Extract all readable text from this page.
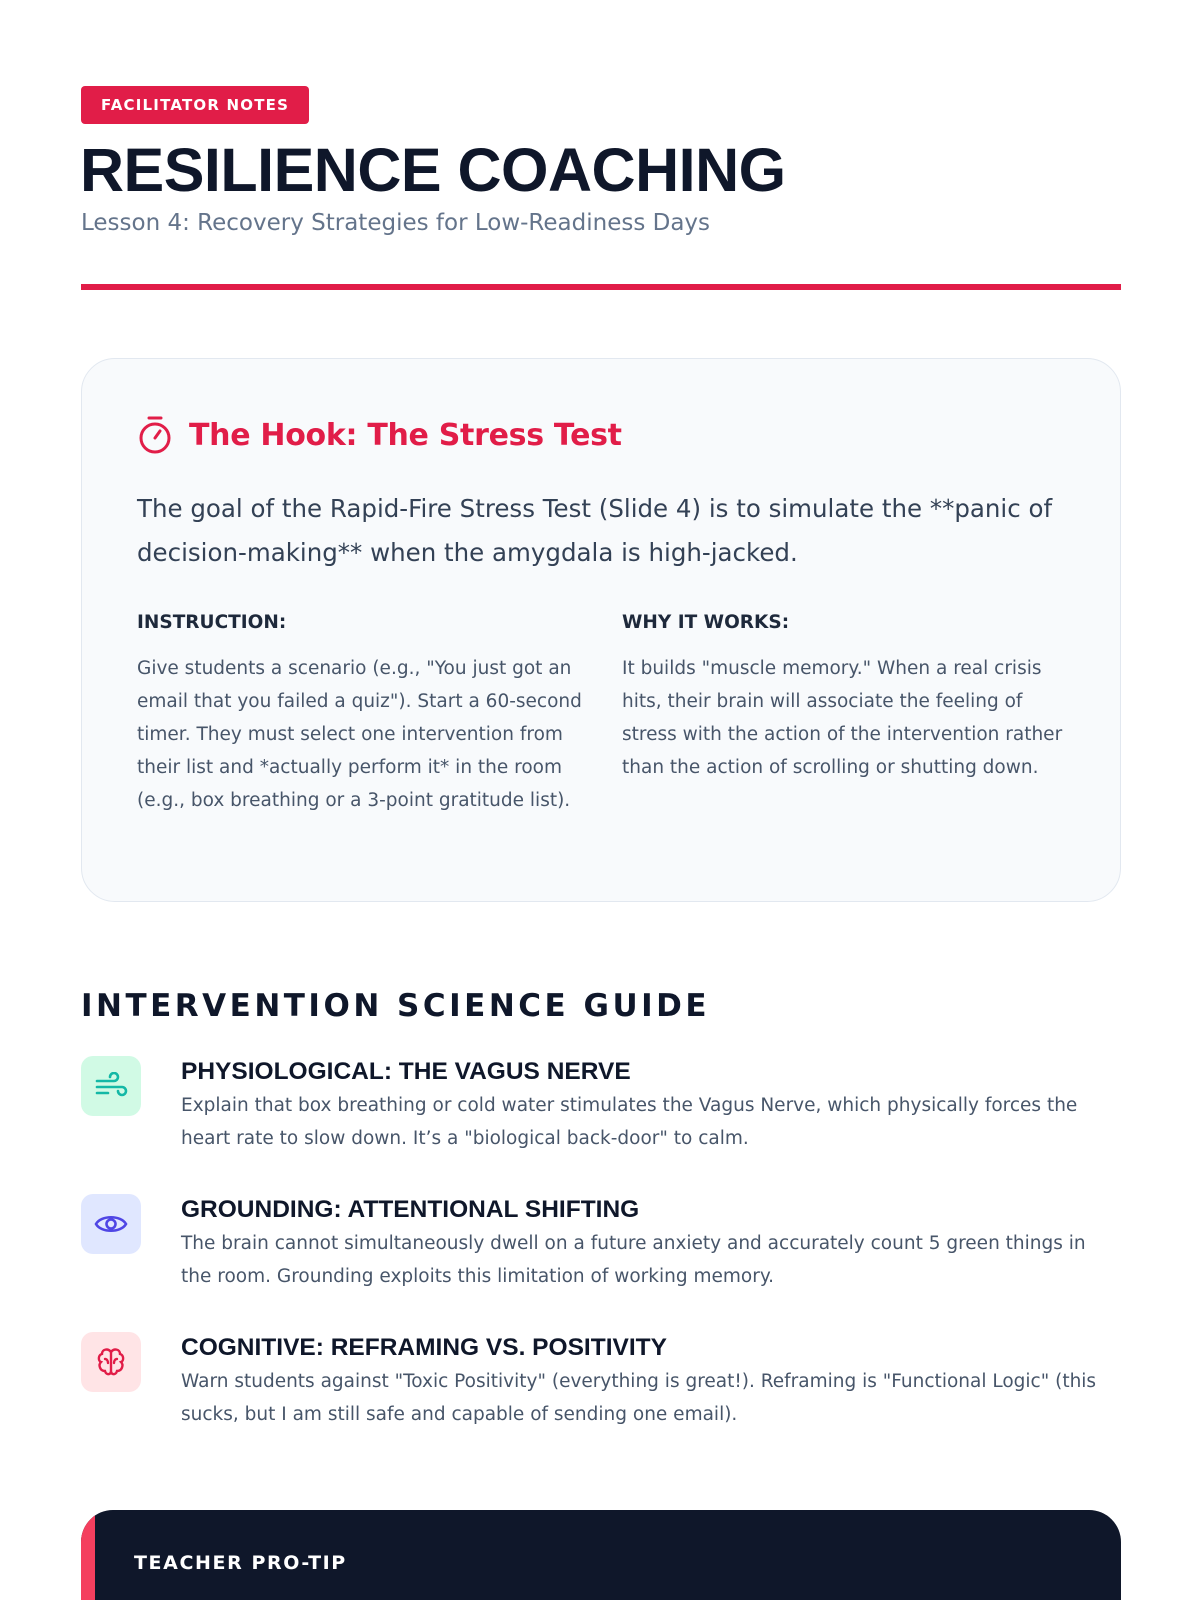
FACILITATOR NOTES
RESILIENCE COACHING
Lesson 4: Recovery Strategies for Low-Readiness Days
The Hook: The Stress Test

The goal of the Rapid-Fire Stress Test (Slide 4) is to simulate the **panic of decision-making** when the amygdala is high-jacked.

INSTRUCTION:

Give students a scenario (e.g., "You just got an email that you failed a quiz"). Start a 60-second timer. They must select one intervention from their list and *actually perform it* in the room (e.g., box breathing or a 3-point gratitude list).

WHY IT WORKS:

It builds "muscle memory." When a real crisis hits, their brain will associate the feeling of stress with the action of the intervention rather than the action of scrolling or shutting down.

INTERVENTION SCIENCE GUIDE
PHYSIOLOGICAL: THE VAGUS NERVE

Explain that box breathing or cold water stimulates the Vagus Nerve, which physically forces the heart rate to slow down. It’s a "biological back-door" to calm.

GROUNDING: ATTENTIONAL SHIFTING

The brain cannot simultaneously dwell on a future anxiety and accurately count 5 green things in the room. Grounding exploits this limitation of working memory.

COGNITIVE: REFRAMING VS. POSITIVITY

Warn students against "Toxic Positivity" (everything is great!). Reframing is "Functional Logic" (this sucks, but I am still safe and capable of sending one email).

TEACHER PRO-TIP
